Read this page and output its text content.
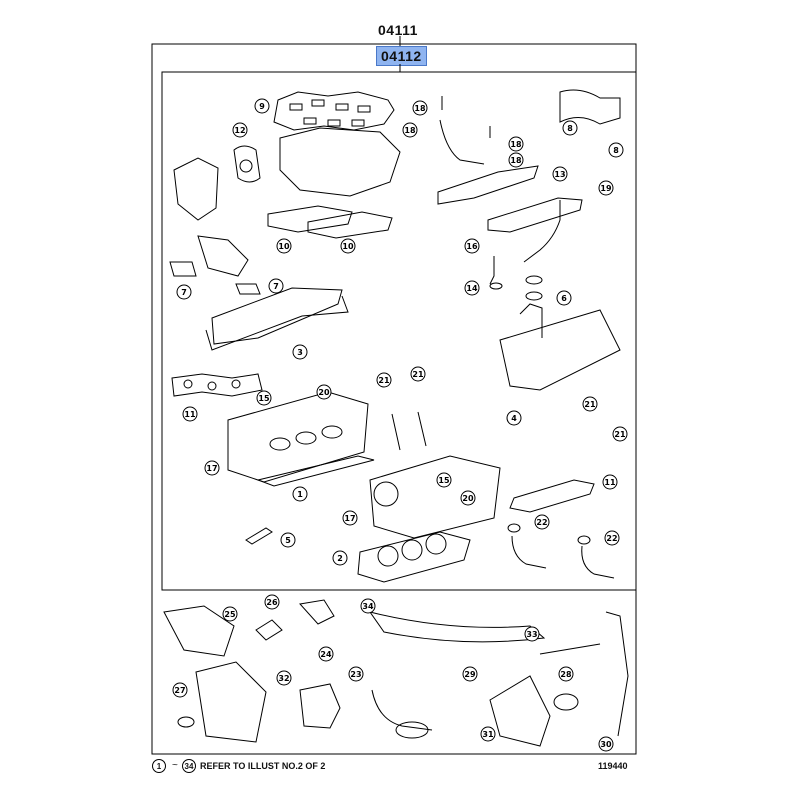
04111
04112
9	18
18
18
18
8
8
12
13
19
10	10	16
7
7	14
6
3
4
21
21
11
15
20
21
21
17
1
15
20
11
17	22
22
5
2
25
26	34
33
24
28
27
32	23	29
31
30
1	~ 34 REFER TO ILLUST NO.2 OF 2	119440
